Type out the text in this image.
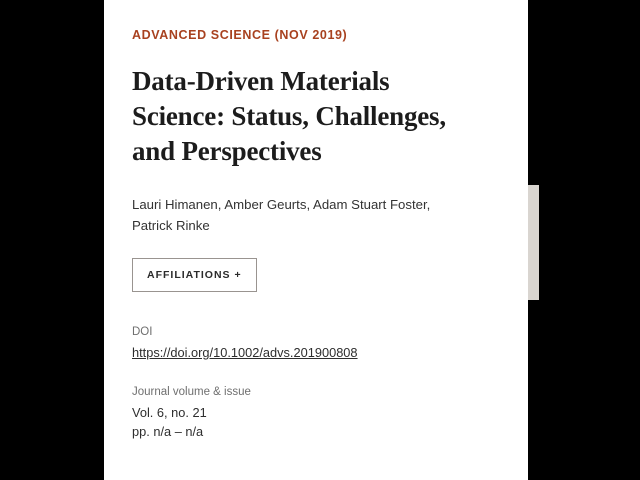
ADVANCED SCIENCE (NOV 2019)

Data-Driven Materials Science: Status, Challenges, and Perspectives

Lauri Himanen, Amber Geurts, Adam Stuart Foster, Patrick Rinke

AFFILIATIONS +
DOI
https://doi.org/10.1002/advs.201900808
Journal volume & issue

Vol. 6, no. 21

pp. n/a – n/a
